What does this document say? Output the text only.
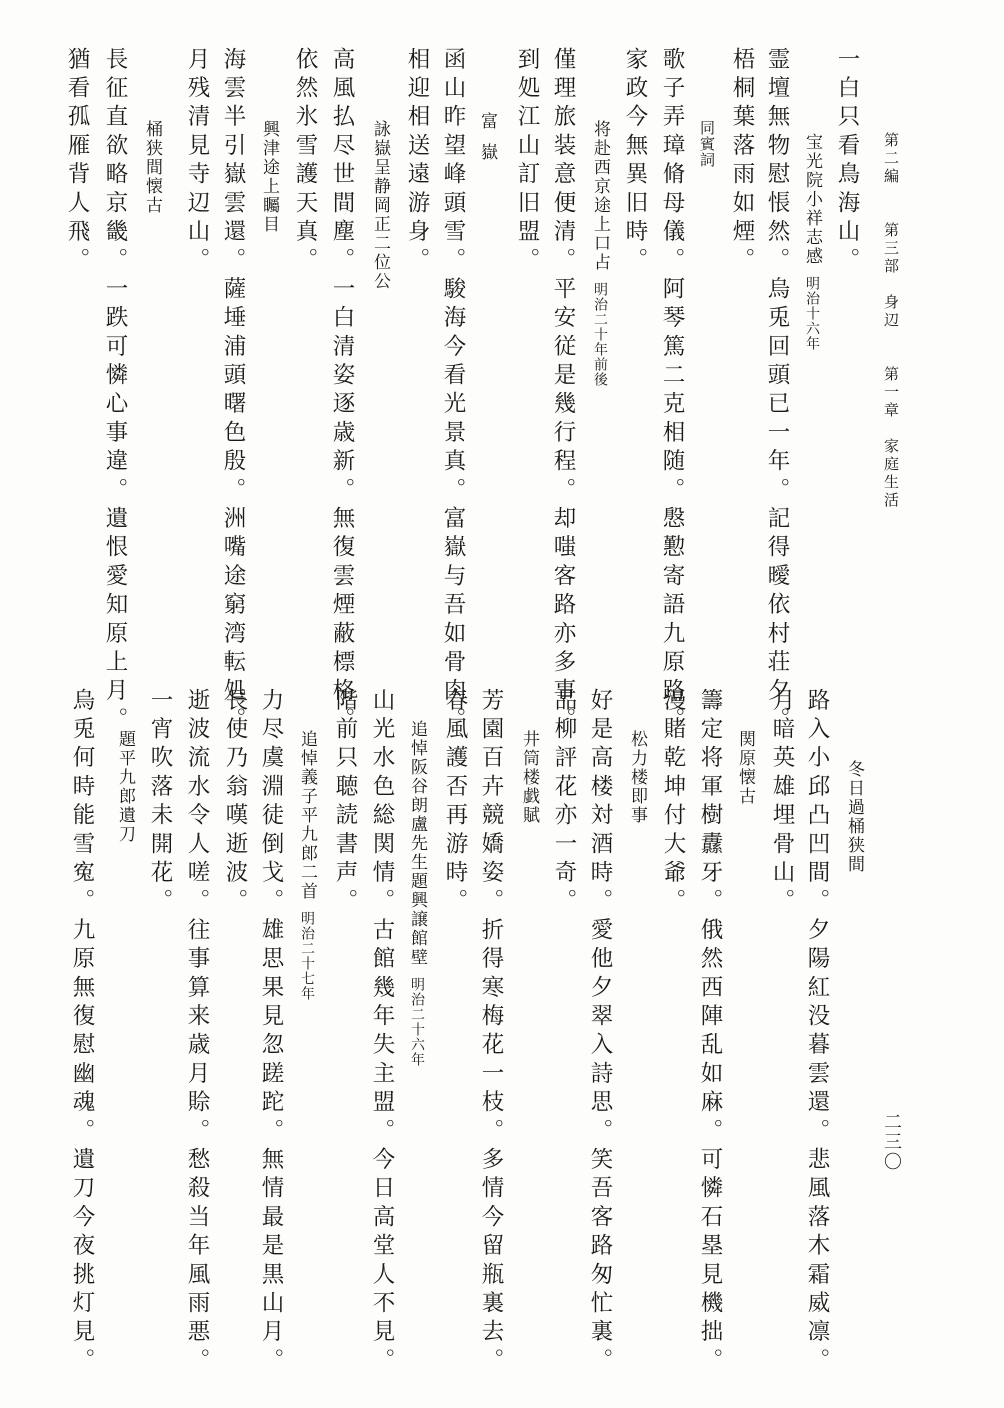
第二編　　第三部　身辺　　第一章　家庭生活
二三〇
一白只看鳥海山。
宝光院小祥志感明治十六年
霊壇無物慰悵然。烏兎回頭已一年。記得曖依村荘夕。
梧桐葉落雨如煙。
同賓詞
歌子弄璋脩母儀。阿琴篤二克相随。慇懃寄語九原路。
家政今無異旧時。
将赴西京途上口占明治二十年前後
僅理旅装意便清。平安従是幾行程。却嗤客路亦多事。
到処江山訂旧盟。
富嶽
函山昨望峰頭雪。駿海今看光景真。富嶽与吾如骨肉。
相迎相送遠游身。
詠嶽呈静岡正二位公
高風払尽世間塵。一白清姿逐歳新。無復雲煙蔽標格。
依然氷雪護天真。
興津途上矚目
海雲半引嶽雲還。薩埵浦頭曙色殷。洲嘴途窮湾転処。
月残清見寺辺山。
桶狭間懐古
長征直欲略京畿。一跌可憐心事違。遺恨愛知原上月。
猶看孤雁背人飛。
冬日過桶狭間
路入小邱凸凹間。夕陽紅没暮雲還。悲風落木霜威凛。
月暗英雄埋骨山。
関原懐古
籌定将軍樹纛牙。俄然西陣乱如麻。可憐石塁見機拙。
漫賭乾坤付大爺。
松力楼即事
好是高楼対酒時。愛他夕翠入詩思。笑吾客路匆忙裏。
品柳評花亦一奇。
井筒楼戯賦
芳園百卉競嬌姿。折得寒梅花一枝。多情今留瓶裏去。
春風護否再游時。
追悼阪谷朗盧先生題興譲館壁明治二十六年
山光水色総関情。古館幾年失主盟。今日高堂人不見。
階前只聴読書声。
追悼義子平九郎二首明治二十七年
力尽虞淵徒倒戈。雄思果見忽蹉跎。無情最是黒山月。
長使乃翁嘆逝波。
逝波流水令人嗟。往事算来歳月賒。愁殺当年風雨悪。
一宵吹落未開花。
題平九郎遺刀
烏兎何時能雪寃。九原無復慰幽魂。遺刀今夜挑灯見。
